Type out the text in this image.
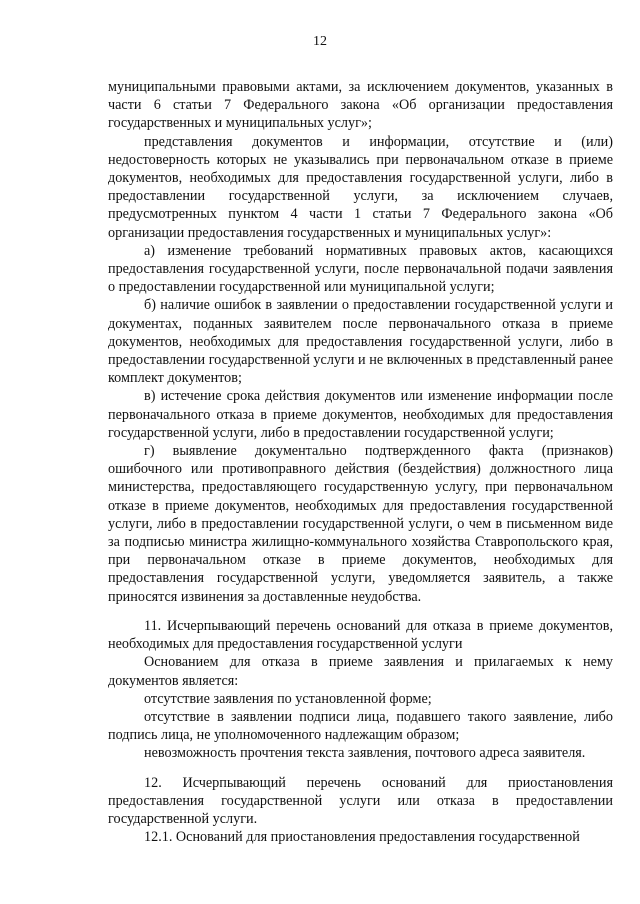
12

муниципальными правовыми актами, за исключением документов, указанных в части 6 статьи 7 Федерального закона «Об организации предоставления государственных и муниципальных услуг»;

представления документов и информации, отсутствие и (или) недостоверность которых не указывались при первоначальном отказе в приеме документов, необходимых для предоставления государственной услуги, либо в предоставлении государственной услуги, за исключением случаев, предусмотренных пунктом 4 части 1 статьи 7 Федерального закона «Об организации предоставления государственных и муниципальных услуг»:

а) изменение требований нормативных правовых актов, касающихся предоставления государственной услуги, после первоначальной подачи заявления о предоставлении государственной или муниципальной услуги;

б) наличие ошибок в заявлении о предоставлении государственной услуги и документах, поданных заявителем после первоначального отказа в приеме документов, необходимых для предоставления государственной услуги, либо в предоставлении государственной услуги и не включенных в представленный ранее комплект документов;

в) истечение срока действия документов или изменение информации после первоначального отказа в приеме документов, необходимых для предоставления государственной услуги, либо в предоставлении государственной услуги;

г) выявление документально подтвержденного факта (признаков) ошибочного или противоправного действия (бездействия) должностного лица министерства, предоставляющего государственную услугу, при первоначальном отказе в приеме документов, необходимых для предоставления государственной услуги, либо в предоставлении государственной услуги, о чем в письменном виде за подписью министра жилищно-коммунального хозяйства Ставропольского края, при первоначальном отказе в приеме документов, необходимых для предоставления государственной услуги, уведомляется заявитель, а также приносятся извинения за доставленные неудобства.

11. Исчерпывающий перечень оснований для отказа в приеме документов, необходимых для предоставления государственной услуги

Основанием для отказа в приеме заявления и прилагаемых к нему документов является:

отсутствие заявления по установленной форме;

отсутствие в заявлении подписи лица, подавшего такого заявление, либо подпись лица, не уполномоченного надлежащим образом;

невозможность прочтения текста заявления, почтового адреса заявителя.

12. Исчерпывающий перечень оснований для приостановления предоставления государственной услуги или отказа в предоставлении государственной услуги.

12.1. Оснований для приостановления предоставления государственной
